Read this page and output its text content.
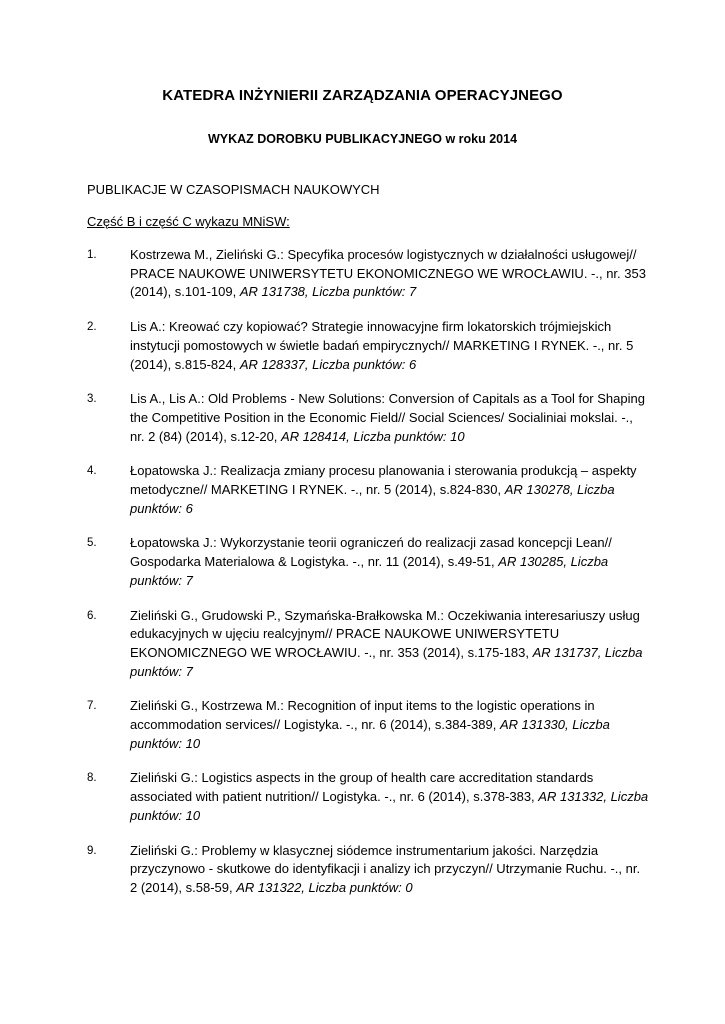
KATEDRA INŻYNIERII ZARZĄDZANIA OPERACYJNEGO
WYKAZ DOROBKU PUBLIKACYJNEGO w roku 2014
PUBLIKACJE W CZASOPISMACH NAUKOWYCH
Część B i część C wykazu MNiSW:
1.	Kostrzewa M., Zieliński G.: Specyfika procesów logistycznych w działalności usługowej// PRACE NAUKOWE UNIWERSYTETU EKONOMICZNEGO WE WROCŁAWIU. -., nr. 353 (2014), s.101-109, AR 131738, Liczba punktów: 7
2.	Lis A.: Kreować czy kopiować? Strategie innowacyjne firm lokatorskich trójmiejskich instytucji pomostowych w świetle badań empirycznych// MARKETING I RYNEK. -., nr. 5 (2014), s.815-824, AR 128337, Liczba punktów: 6
3.	Lis A., Lis A.: Old Problems - New Solutions: Conversion of Capitals as a Tool for Shaping the Competitive Position in the Economic Field// Social Sciences/ Socialiniai mokslai. -., nr. 2 (84) (2014), s.12-20, AR 128414, Liczba punktów: 10
4.	Łopatowska J.: Realizacja zmiany procesu planowania i sterowania produkcją – aspekty metodyczne// MARKETING I RYNEK. -., nr. 5 (2014), s.824-830, AR 130278, Liczba punktów: 6
5.	Łopatowska J.: Wykorzystanie teorii ograniczeń do realizacji zasad koncepcji Lean// Gospodarka Materialowa & Logistyka. -., nr. 11 (2014), s.49-51, AR 130285, Liczba punktów: 7
6.	Zieliński G., Grudowski P., Szymańska-Brałkowska M.: Oczekiwania interesariuszy usług edukacyjnych w ujęciu realcyjnym// PRACE NAUKOWE UNIWERSYTETU EKONOMICZNEGO WE WROCŁAWIU. -., nr. 353 (2014), s.175-183, AR 131737, Liczba punktów: 7
7.	Zieliński G., Kostrzewa M.: Recognition of input items to the logistic operations in accommodation services// Logistyka. -., nr. 6 (2014), s.384-389, AR 131330, Liczba punktów: 10
8.	Zieliński G.: Logistics aspects in the group of health care accreditation standards associated with patient nutrition// Logistyka. -., nr. 6 (2014), s.378-383, AR 131332, Liczba punktów: 10
9.	Zieliński G.: Problemy w klasycznej siódemce instrumentarium jakości. Narzędzia przyczynowo - skutkowe do identyfikacji i analizy ich przyczyn// Utrzymanie Ruchu. -., nr. 2 (2014), s.58-59, AR 131322, Liczba punktów: 0
